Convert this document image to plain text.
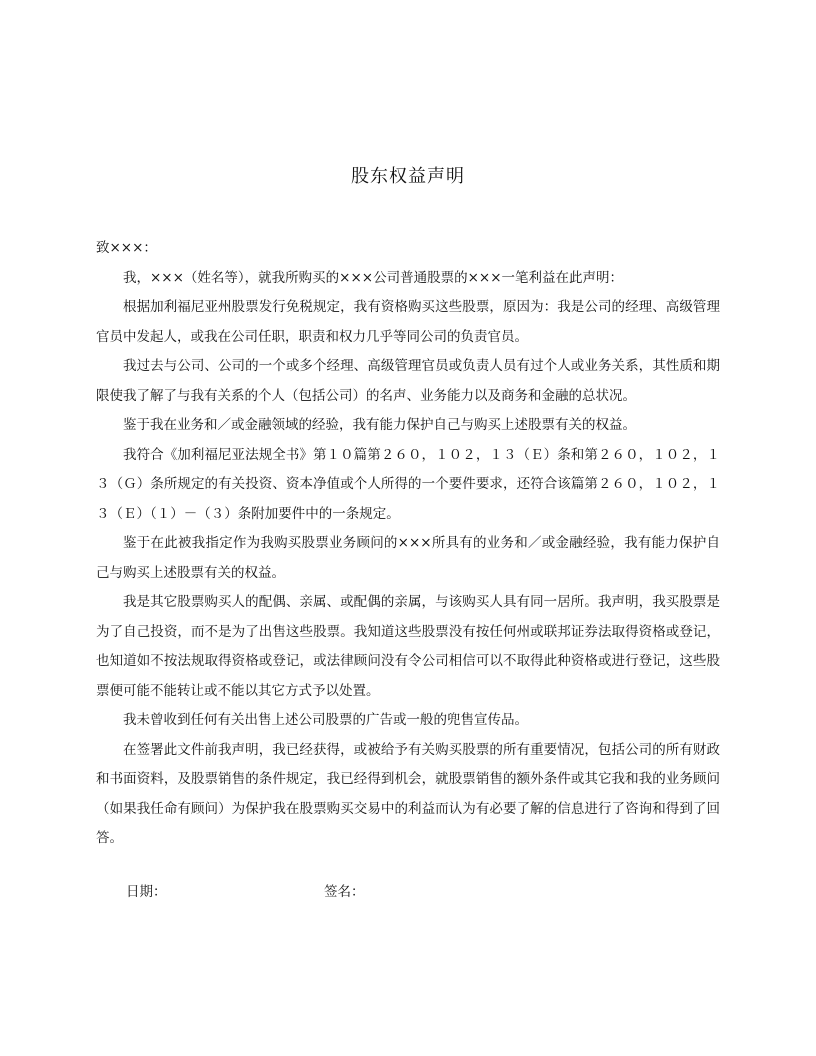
股东权益声明

致×××：

我，×××（姓名等），就我所购买的×××公司普通股票的×××一笔利益在此声明：

根据加利福尼亚州股票发行免税规定，我有资格购买这些股票，原因为：我是公司的经理、高级管理官员中发起人，或我在公司任职，职责和权力几乎等同公司的负责官员。

我过去与公司、公司的一个或多个经理、高级管理官员或负责人员有过个人或业务关系，其性质和期限使我了解了与我有关系的个人（包括公司）的名声、业务能力以及商务和金融的总状况。

鉴于我在业务和／或金融领域的经验，我有能力保护自己与购买上述股票有关的权益。

我符合《加利福尼亚法规全书》第１０篇第２６０，１０２，１３（Ｅ）条和第２６０，１０２，１３（Ｇ）条所规定的有关投资、资本净值或个人所得的一个要件要求，还符合该篇第２６０，１０２，１３（Ｅ）（１）－（３）条附加要件中的一条规定。

鉴于在此被我指定作为我购买股票业务顾问的×××所具有的业务和／或金融经验，我有能力保护自己与购买上述股票有关的权益。

我是其它股票购买人的配偶、亲属、或配偶的亲属，与该购买人具有同一居所。我声明，我买股票是为了自己投资，而不是为了出售这些股票。我知道这些股票没有按任何州或联邦证券法取得资格或登记，也知道如不按法规取得资格或登记，或法律顾问没有令公司相信可以不取得此种资格或进行登记，这些股票便可能不能转让或不能以其它方式予以处置。

我未曾收到任何有关出售上述公司股票的广告或一般的兜售宣传品。

在签署此文件前我声明，我已经获得，或被给予有关购买股票的所有重要情况，包括公司的所有财政和书面资料，及股票销售的条件规定，我已经得到机会，就股票销售的额外条件或其它我和我的业务顾问（如果我任命有顾问）为保护我在股票购买交易中的利益而认为有必要了解的信息进行了咨询和得到了回答。

日期：	签名：
